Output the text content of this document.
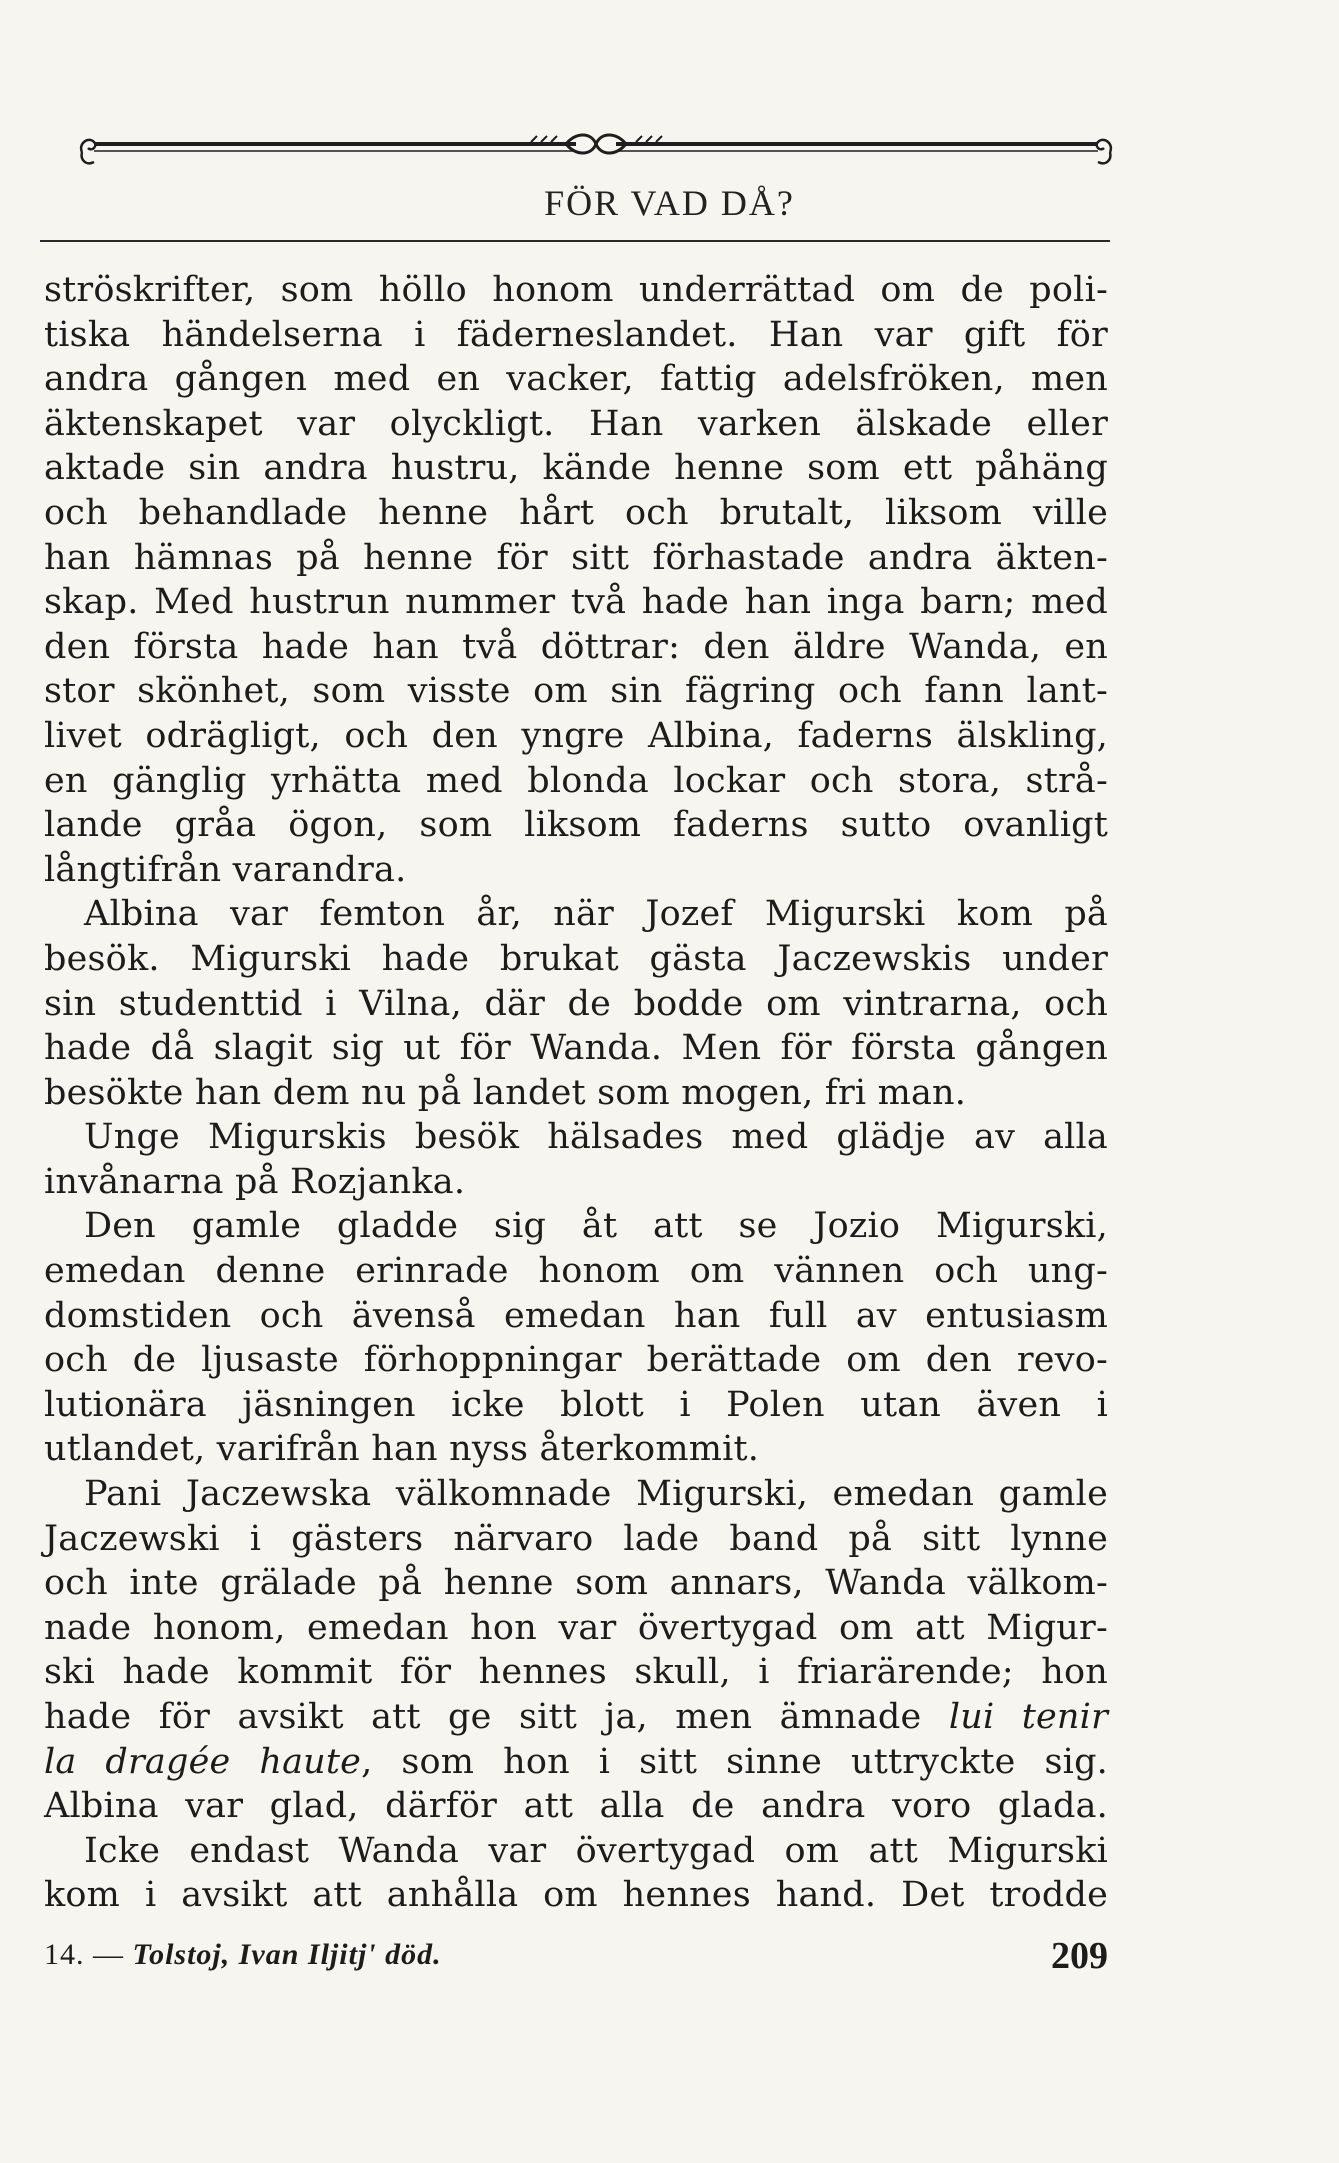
FÖR VAD DÅ?
ströskrifter, som höllo honom underrättad om de poli-
tiska händelserna i fäderneslandet. Han var gift för
andra gången med en vacker, fattig adelsfröken, men
äktenskapet var olyckligt. Han varken älskade eller
aktade sin andra hustru, kände henne som ett påhäng
och behandlade henne hårt och brutalt, liksom ville
han hämnas på henne för sitt förhastade andra äkten-
skap. Med hustrun nummer två hade han inga barn; med
den första hade han två döttrar: den äldre Wanda, en
stor skönhet, som visste om sin fägring och fann lant-
livet odrägligt, och den yngre Albina, faderns älskling,
en gänglig yrhätta med blonda lockar och stora, strå-
lande gråa ögon, som liksom faderns sutto ovanligt
långtifrån varandra.
Albina var femton år, när Jozef Migurski kom på
besök. Migurski hade brukat gästa Jaczewskis under
sin studenttid i Vilna, där de bodde om vintrarna, och
hade då slagit sig ut för Wanda. Men för första gången
besökte han dem nu på landet som mogen, fri man.
Unge Migurskis besök hälsades med glädje av alla
invånarna på Rozjanka.
Den gamle gladde sig åt att se Jozio Migurski,
emedan denne erinrade honom om vännen och ung-
domstiden och ävenså emedan han full av entusiasm
och de ljusaste förhoppningar berättade om den revo-
lutionära jäsningen icke blott i Polen utan även i
utlandet, varifrån han nyss återkommit.
Pani Jaczewska välkomnade Migurski, emedan gamle
Jaczewski i gästers närvaro lade band på sitt lynne
och inte grälade på henne som annars, Wanda välkom-
nade honom, emedan hon var övertygad om att Migur-
ski hade kommit för hennes skull, i friarärende; hon
hade för avsikt att ge sitt ja, men ämnade lui tenir
la dragée haute, som hon i sitt sinne uttryckte sig.
Albina var glad, därför att alla de andra voro glada.
Icke endast Wanda var övertygad om att Migurski
kom i avsikt att anhålla om hennes hand. Det trodde
14. — Tolstoj, Ivan Iljitj' död.	209
